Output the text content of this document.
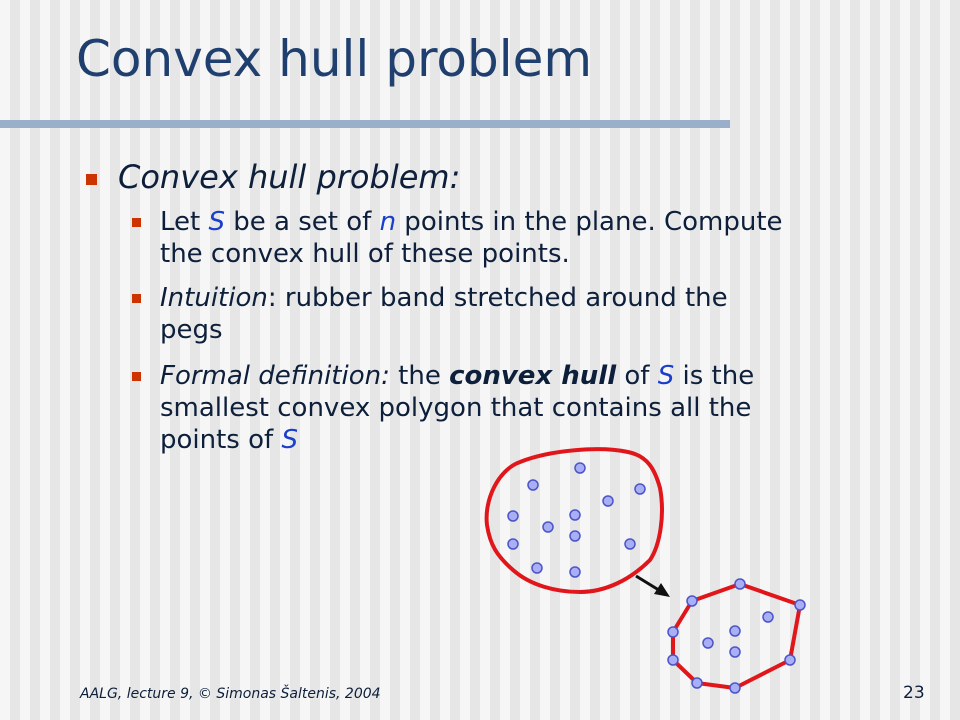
Convex hull problem
Convex hull problem:
Let S be a set of n points in the plane. Compute
the convex hull of these points.
Intuition: rubber band stretched around the
pegs
Formal definition: the convex hull of S is the
smallest convex polygon that contains all the
points of S
AALG, lecture 9, © Simonas Šaltenis, 2004	23
